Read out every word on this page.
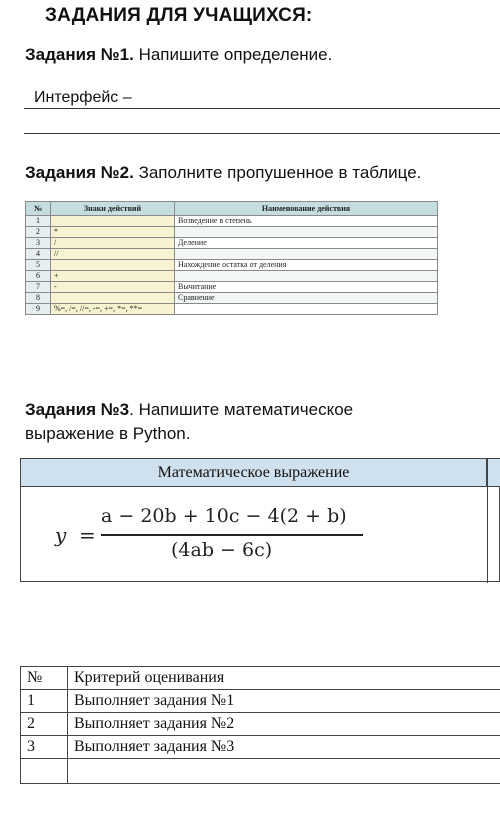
ЗАДАНИЯ ДЛЯ УЧАЩИХСЯ:
Задания №1. Напишите определение.
Интерфейс –
Задания №2. Заполните пропушенное в таблице.
№	Знаки действий	Наименование действия
1		Возведение в степень
2	*	
3	/	Деление
4	//	
5		Нахождение остатка от деления
6	+	
7	-	Вычитание
8		Сравнение
9	%=, /=, //=, -=, +=, *=, **=	
Задания №3. Напишите математическое
выражение в Python.
Математическое выражение
y =
a − 20b + 10c − 4(2 + b)
(4ab − 6c)
№	Критерий оценивания
1	Выполняет задания №1
2	Выполняет задания №2
3	Выполняет задания №3
